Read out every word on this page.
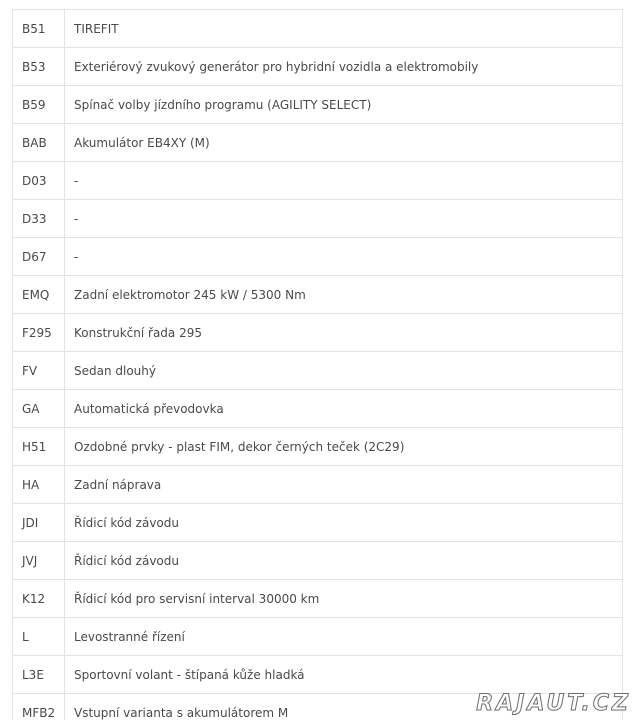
B51	TIREFIT
B53	Exteriérový zvukový generátor pro hybridní vozidla a elektromobily
B59	Spínač volby jízdního programu (AGILITY SELECT)
BAB	Akumulátor EB4XY (M)
D03	-
D33	-
D67	-
EMQ	Zadní elektromotor 245 kW / 5300 Nm
F295	Konstrukční řada 295
FV	Sedan dlouhý
GA	Automatická převodovka
H51	Ozdobné prvky - plast FIM, dekor černých teček (2C29)
HA	Zadní náprava
JDI	Řídicí kód závodu
JVJ	Řídicí kód závodu
K12	Řídicí kód pro servisní interval 30000 km
L	Levostranné řízení
L3E	Sportovní volant - štípaná kůže hladká
MFB2	Vstupní varianta s akumulátorem M	RAJAUT.CZ
